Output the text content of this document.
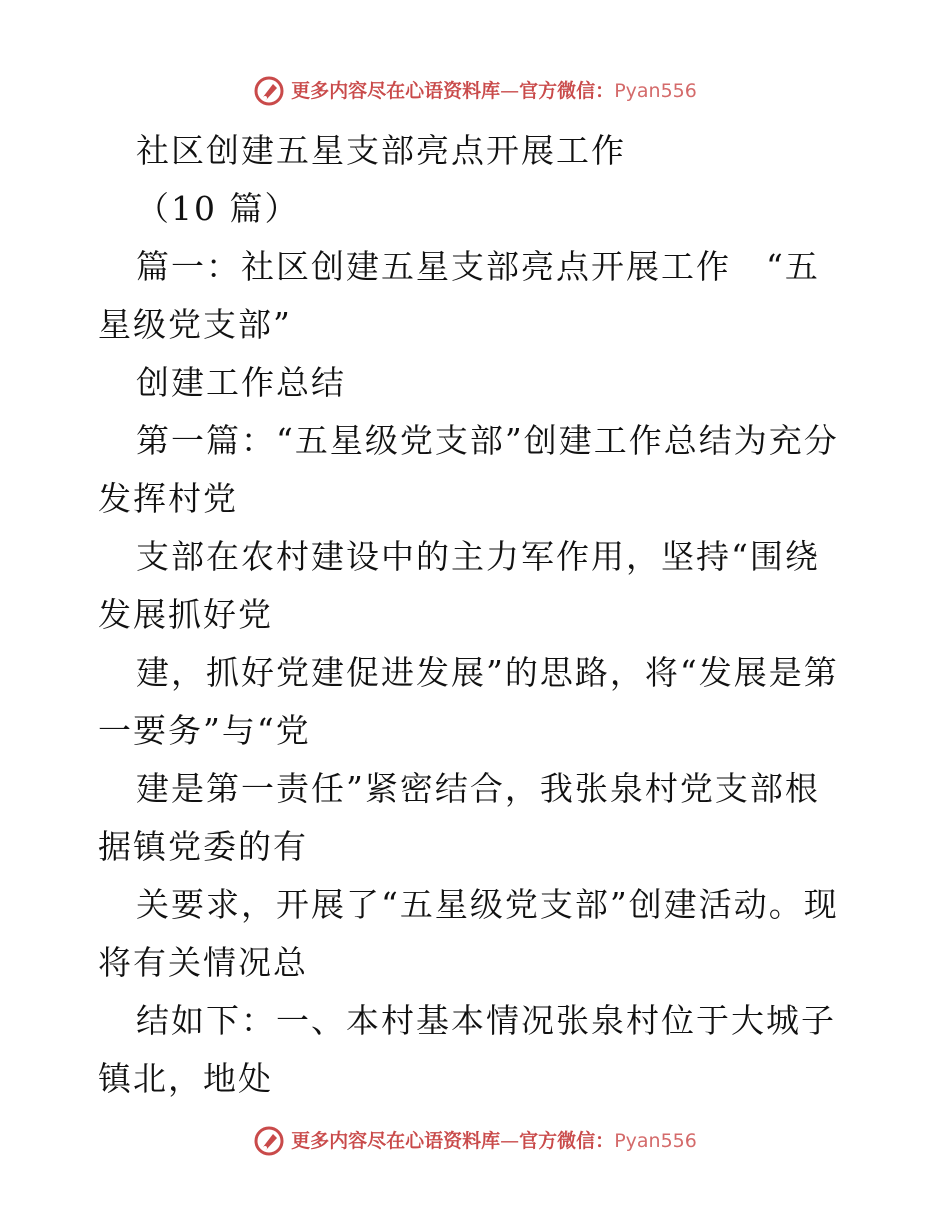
更多内容尽在心语资料库 — 官方微信： Pyan556

社区创建五星支部亮点开展工作

（10 篇）

篇一：社区创建五星支部亮点开展工作　“五星级党支部”

创建工作总结

第一篇：“五星级党支部”创建工作总结为充分发挥村党

支部在农村建设中的主力军作用，坚持“围绕发展抓好党

建，抓好党建促进发展”的思路，将“发展是第一要务”与“党

建是第一责任”紧密结合，我张泉村党支部根据镇党委的有

关要求，开展了“五星级党支部”创建活动。现将有关情况总

结如下：一、本村基本情况张泉村位于大城子镇北，地处

更多内容尽在心语资料库 — 官方微信： Pyan556
